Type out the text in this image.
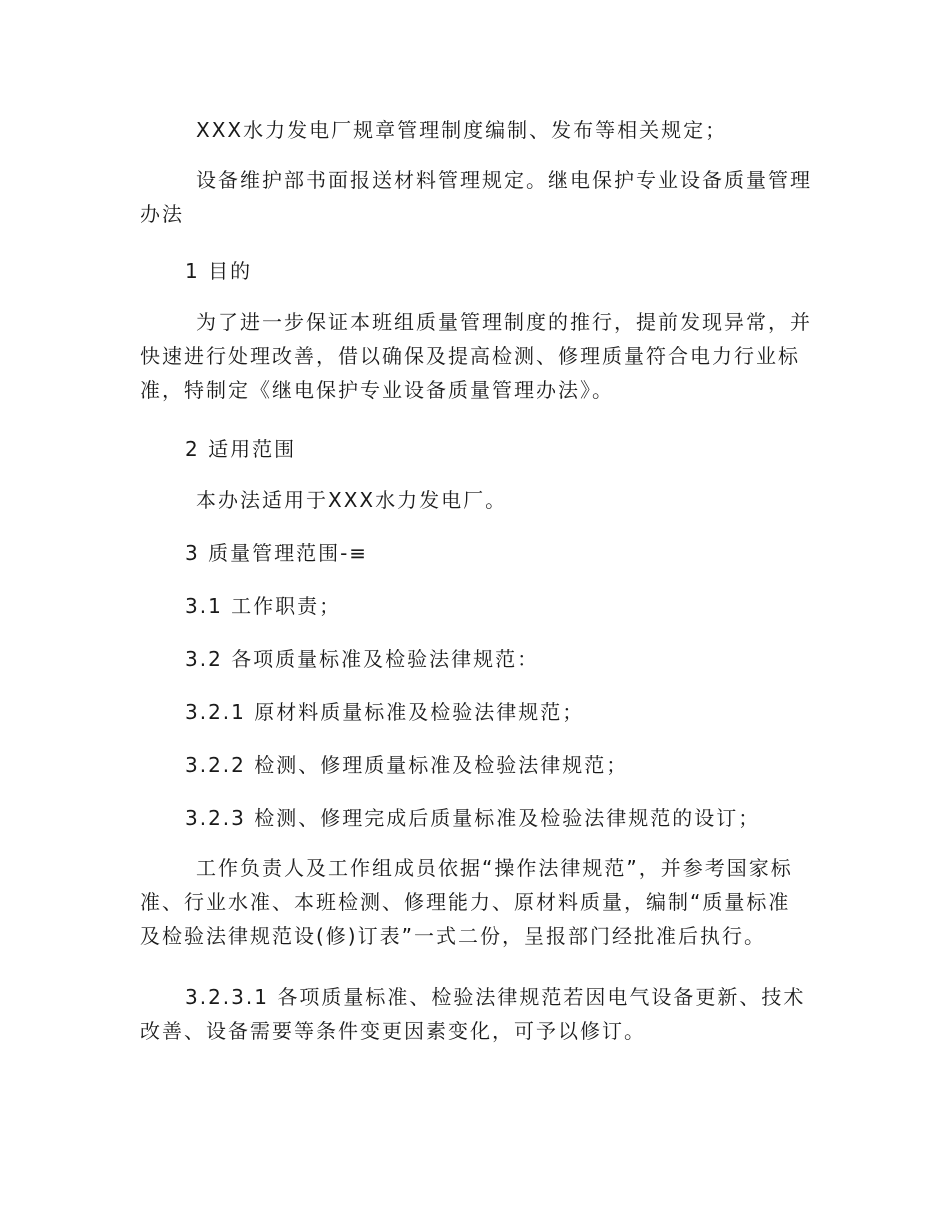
XXX水力发电厂规章管理制度编制、发布等相关规定；

设备维护部书面报送材料管理规定。继电保护专业设备质量管理
办法

1 目的

为了进一步保证本班组质量管理制度的推行，提前发现异常，并
快速进行处理改善，借以确保及提高检测、修理质量符合电力行业标
准，特制定《继电保护专业设备质量管理办法》。

2 适用范围

本办法适用于XXX水力发电厂。

3 质量管理范围-≡

3.1 工作职责；

3.2 各项质量标准及检验法律规范：

3.2.1 原材料质量标准及检验法律规范；

3.2.2 检测、修理质量标准及检验法律规范；

3.2.3 检测、修理完成后质量标准及检验法律规范的设订；

工作负责人及工作组成员依据“操作法律规范”，并参考国家标
准、行业水准、本班检测、修理能力、原材料质量，编制“质量标准
及检验法律规范设(修)订表”一式二份，呈报部门经批准后执行。

3.2.3.1 各项质量标准、检验法律规范若因电气设备更新、技术
改善、设备需要等条件变更因素变化，可予以修订。
